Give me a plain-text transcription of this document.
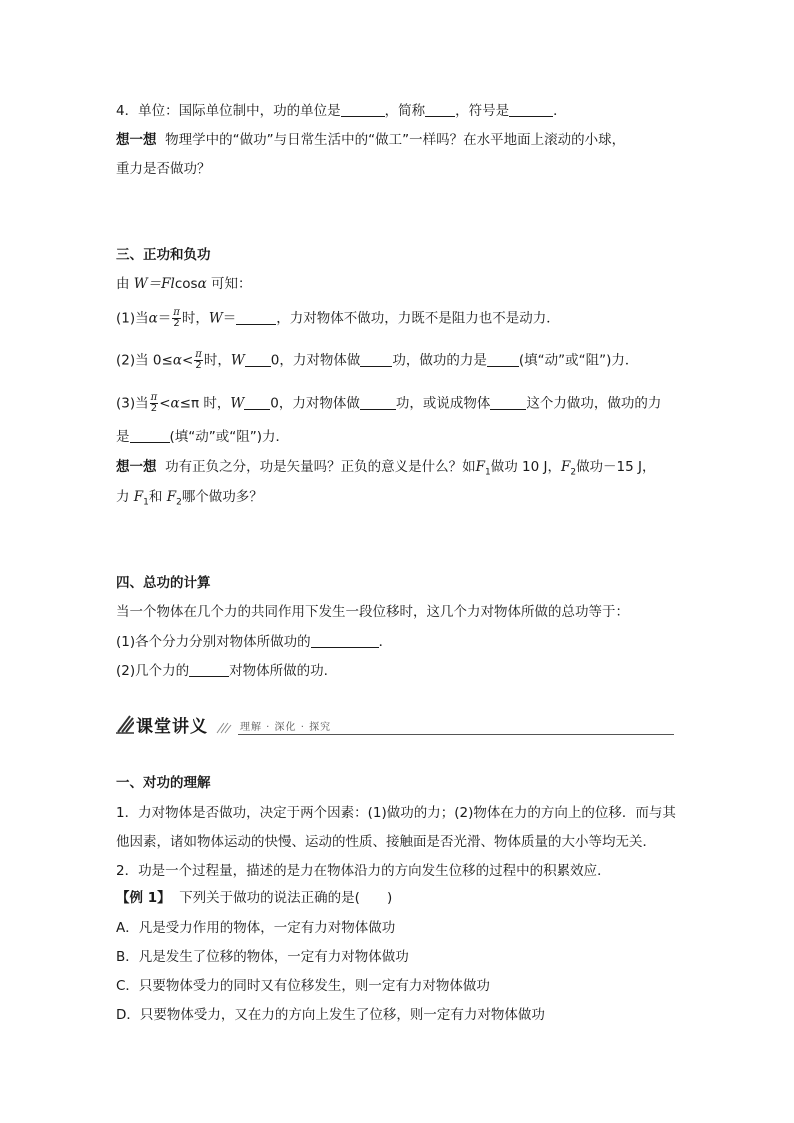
4．单位：国际单位制中，功的单位是	，简称 ，符号是	．
想一想 物理学中的“做功”与日常生活中的“做工”一样吗？在水平地面上滚动的小球，
重力是否做功？
三、正功和负功
由 W＝Flcosα 可知：
(1)当$\alpha= \frac{\pi}{2}$ 时，W＝	，力对物体不做功，力既不是阻力也不是动力．
(2)当 $0\le\alpha< \frac{\pi}{2}$ 时，W 0，力对物体做 功，做功的力是 (填“动”或“阻”)力．
(3)当 $\frac{\pi}{2} <\alpha\le\pi$ 时，W 0，力对物体做	功，或说成物体	这个力做功，做功的力
是	(填“动”或“阻”)力．
想一想 功有正负之分，功是矢量吗？正负的意义是什么？如$F_1$做功 10 J，$F_2$做功－15 J，
力 $F_1$和 $F_2$哪个做功多？
四、总功的计算
当一个物体在几个力的共同作用下发生一段位移时，这几个力对物体所做的总功等于：
(1)各个分力分别对物体所做功的	．
(2)几个力的	对物体所做的功.
课堂讲义	理解 · 深化 · 探究
一、对功的理解
1．力对物体是否做功，决定于两个因素：(1)做功的力；(2)物体在力的方向上的位移．而与其
他因素，诸如物体运动的快慢、运动的性质、接触面是否光滑、物体质量的大小等均无关．
2．功是一个过程量，描述的是力在物体沿力的方向发生位移的过程中的积累效应．
【例 1】 下列关于做功的说法正确的是(　　)
A．凡是受力作用的物体，一定有力对物体做功
B．凡是发生了位移的物体，一定有力对物体做功
C．只要物体受力的同时又有位移发生，则一定有力对物体做功
D．只要物体受力，又在力的方向上发生了位移，则一定有力对物体做功
